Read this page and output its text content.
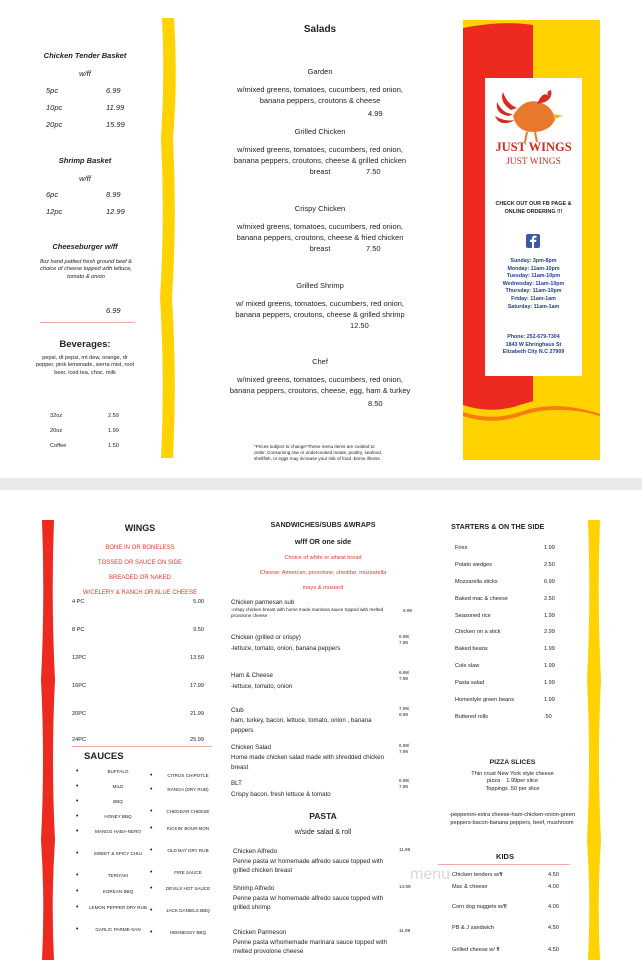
Chicken Tender Basket
w/ff
5pc	6.99
10pc	11.99
20pc	15.99
Shrimp Basket
w/ff
6pc	8.99
12pc	12.99
Cheeseburger w/ff
8oz hand pattied fresh ground beef & choice of cheese topped with lettuce, tomato & onion
6.99
Beverages:
pepsi, dt pepsi, mt dew, orange, dr pepper, pink lemonade, sierra mist, root beer, iced tea, choc. milk
32oz	2.59
20oz	1.99
Coffee	1.50
Salads
Garden
w/mixed greens, tomatoes, cucumbers, red onion, banana peppers, croutons & cheese
4.99
Grilled Chicken
w/mixed greens, tomatoes, cucumbers, red onion, banana peppers, croutons, cheese & grilled chicken breast	7.50
Crispy Chicken
w/mixed greens, tomatoes, cucumbers, red onion, banana peppers, croutons, cheese & fried chicken breast	7.50
Grilled Shrimp
w/ mixed greens, tomatoes, cucumbers, red onion, banana peppers, croutons, cheese & grilled shrimp
12.50
Chef
w/mixed greens, tomatoes, cucumbers, red onion, banana peppers, croutons, cheese, egg, ham & turkey
8.50
*Prices subject to change*These menu items are cooked to order. Consuming raw or undercooked meats, poultry, seafood, shellfish, or eggs may increase your risk of food -borne illness.
JUST WINGS
JUST WINGS
CHECK OUT OUR FB PAGE & ONLINE ORDERING !!!
Sunday: 3pm-8pm
Monday: 11am-10pm
Tuesday: 11am-10pm
Wednesday: 11am-10pm
Thursday: 11am-10pm
Friday: 11am-1am
Saturday: 11am-1am
Phone: 252-679-7304
1843 W Ehringhaus St
Elizabeth City N.C 27909
WINGS
BONE IN OR BONELESS
TOSSED OR SAUCE ON SIDE
BREADED OR NAKED
W/CELERY & RANCH OR BLUE CHEESE
4 PC	5.00
8 PC	9.50
12PC	13.50
16PC	17.99
20PC	21.99
24PC	25.99
SAUCES
• BUFFALO
• MILD
• BBQ
• HONEY BBQ
• MANGO HABA-NERO
• SWEET & SPICY CHILI
• TERIYAKI
• KOREAN BBQ
• LEMON PEPPER DRY RUB
• GARLIC PARME-SAN
• CITRUS CHIPOTLE
• RANCH (DRY RUB)
• CHEDDAR CHEESE
• KICKIN' BOUR-BON
• OLD BAY DRY RUB
• FIRE SAUCE
• DEVILS HOT SAUCE
• JACK DANIELS BBQ
• HENNESSY BBQ
SANDWICHES/SUBS &WRAPS
w/ff OR one side
Choice of white or wheat bread
Cheese: American, provolone, cheddar, mozzarella
mayo & mustard
Chicken parmesan sub
-crispy chicken breast with home made marinara sauce topped with melted provolone cheese
8.99
Chicken (grilled or crispy)
-lettuce, tomato, onion, banana peppers
6.99/ 7.99
Ham & Cheese
-lettuce, tomato, onion
6.99/ 7.99
Club
ham, turkey, bacon, lettuce, tomato, onion , banana peppers
7.99/ 8.99
Chicken Salad
Home made chicken salad made with shredded chicken breast
6.99/ 7.99
BLT
Crispy bacon, fresh lettuce & tomato
6.99/ 7.99
PASTA
w/side salad & roll
Chicken Alfredo
Penne pasta w/ homemade alfredo sauce topped with grilled chicken breast
11.99
Shrimp Alfredo
Penne pasta w/ homemade alfredo sauce topped with grilled shrimp
14.99
Chicken Parmeson
Penne pasta w/homemade marinara sauce topped with melted provolone cheese
11.99
STARTERS & ON THE SIDE
Fries	1.99
Potato wedges	2.50
Mozzarella sticks	6.99
Baked mac & cheese	2.50
Seasoned rice	1.99
Chicken on a stick	2.99
Baked beans	1.99
Cole slaw	1.99
Pasta salad	1.99
Homestyle green beans	1.99
Buttered rolls	.50
PIZZA SLICES
Thin crust New York style cheese
pizza    1.99per slice
Toppings .50 per slice
-pepperoni-extra cheese-ham-chicken-onion-green peppers-bacon-banana peppers, beef, mushroom
KIDS
Chicken tenders w/ff	4.50
Mac & cheese	4.00
Corn dog nuggets w/ff	4.00
PB & J sandwich	4.50
Grilled cheese w/ ff	4.50
menu
